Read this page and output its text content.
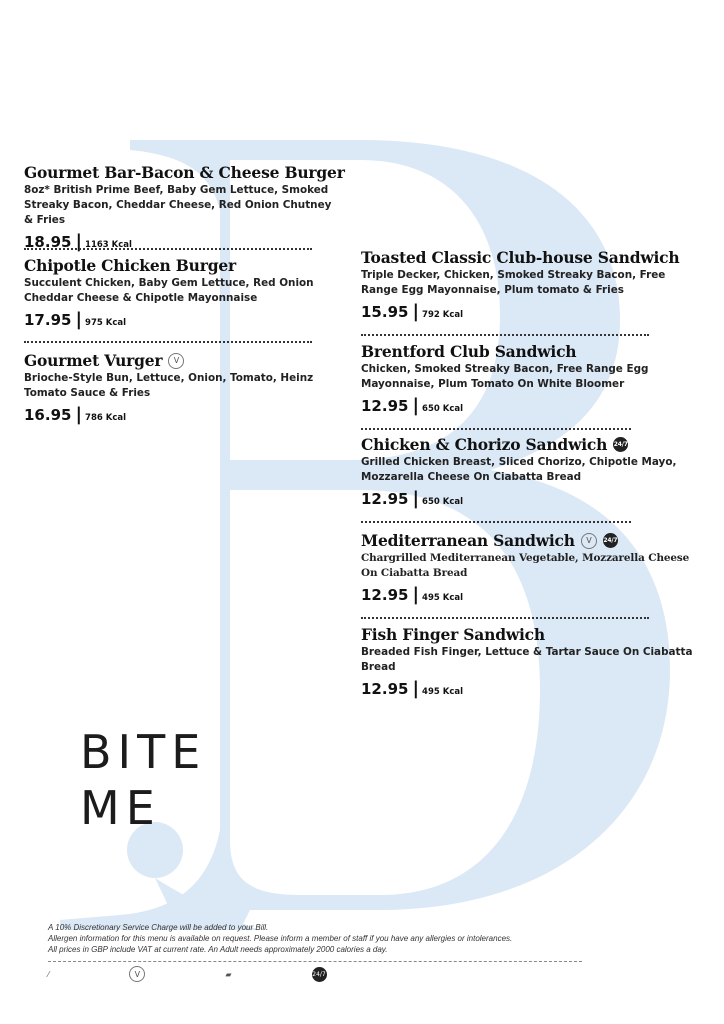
Gourmet Bar-Bacon & Cheese Burger
8oz* British Prime Beef, Baby Gem Lettuce, Smoked Streaky Bacon, Cheddar Cheese, Red Onion Chutney & Fries
18.95 | 1163 Kcal
Chipotle Chicken Burger
Succulent Chicken, Baby Gem Lettuce, Red Onion Cheddar Cheese & Chipotle Mayonnaise
17.95 | 975 Kcal
Gourmet Vurger	V
Brioche-Style Bun, Lettuce, Onion, Tomato, Heinz Tomato Sauce & Fries
16.95 | 786 Kcal
Toasted Classic Club-house Sandwich
Triple Decker, Chicken, Smoked Streaky Bacon, Free Range Egg Mayonnaise, Plum tomato & Fries
15.95 | 792 Kcal
Brentford Club Sandwich
Chicken, Smoked Streaky Bacon, Free Range Egg Mayonnaise, Plum Tomato On White Bloomer
12.95 | 650 Kcal
Chicken & Chorizo Sandwich 24/7
Grilled Chicken Breast, Sliced Chorizo, Chipotle Mayo, Mozzarella Cheese On Ciabatta Bread
12.95 | 650 Kcal
Mediterranean Sandwich	V	24/7
Chargrilled Mediterranean Vegetable, Mozzarella Cheese On Ciabatta Bread
12.95 | 495 Kcal
Fish Finger Sandwich
Breaded Fish Finger, Lettuce & Tartar Sauce On Ciabatta Bread
12.95 | 495 Kcal
BITE
ME

A 10% Discretionary Service Charge will be added to your Bill.

Allergen information for this menu is available on request. Please inform a member of staff if you have any allergies or intolerances.

All prices in GBP include VAT at current rate. An Adult needs approximately 2000 calories a day.

⁄	V	▰	24/7
